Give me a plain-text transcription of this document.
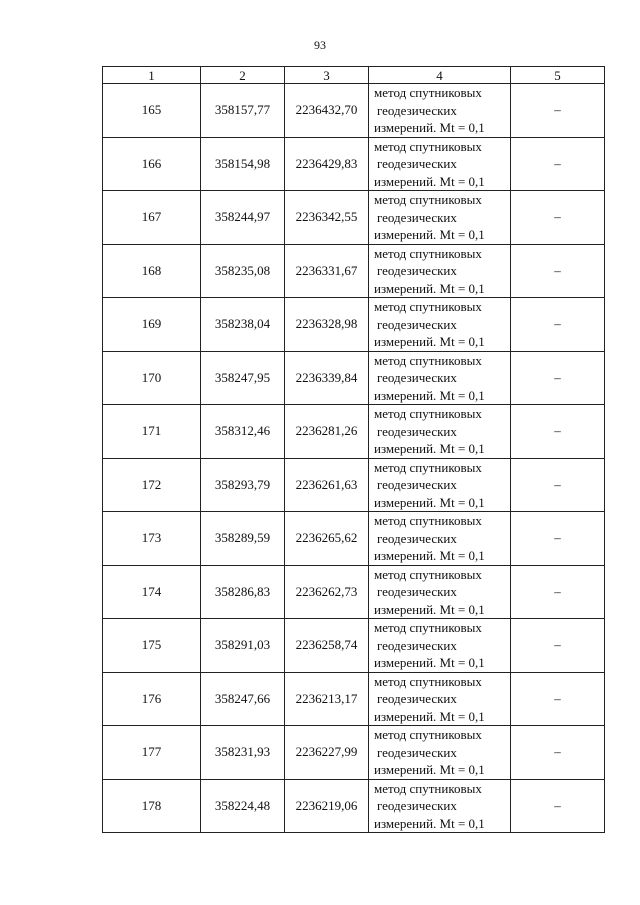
93
1	2	3	4	5
165	358157,77	2236432,70	метод спутниковых
геодезических
измерений. Mt = 0,1	–
166	358154,98	2236429,83	метод спутниковых
геодезических
измерений. Mt = 0,1	–
167	358244,97	2236342,55	метод спутниковых
геодезических
измерений. Mt = 0,1	–
168	358235,08	2236331,67	метод спутниковых
геодезических
измерений. Mt = 0,1	–
169	358238,04	2236328,98	метод спутниковых
геодезических
измерений. Mt = 0,1	–
170	358247,95	2236339,84	метод спутниковых
геодезических
измерений. Mt = 0,1	–
171	358312,46	2236281,26	метод спутниковых
геодезических
измерений. Mt = 0,1	–
172	358293,79	2236261,63	метод спутниковых
геодезических
измерений. Mt = 0,1	–
173	358289,59	2236265,62	метод спутниковых
геодезических
измерений. Mt = 0,1	–
174	358286,83	2236262,73	метод спутниковых
геодезических
измерений. Mt = 0,1	–
175	358291,03	2236258,74	метод спутниковых
геодезических
измерений. Mt = 0,1	–
176	358247,66	2236213,17	метод спутниковых
геодезических
измерений. Mt = 0,1	–
177	358231,93	2236227,99	метод спутниковых
геодезических
измерений. Mt = 0,1	–
178	358224,48	2236219,06	метод спутниковых
геодезических
измерений. Mt = 0,1	–
